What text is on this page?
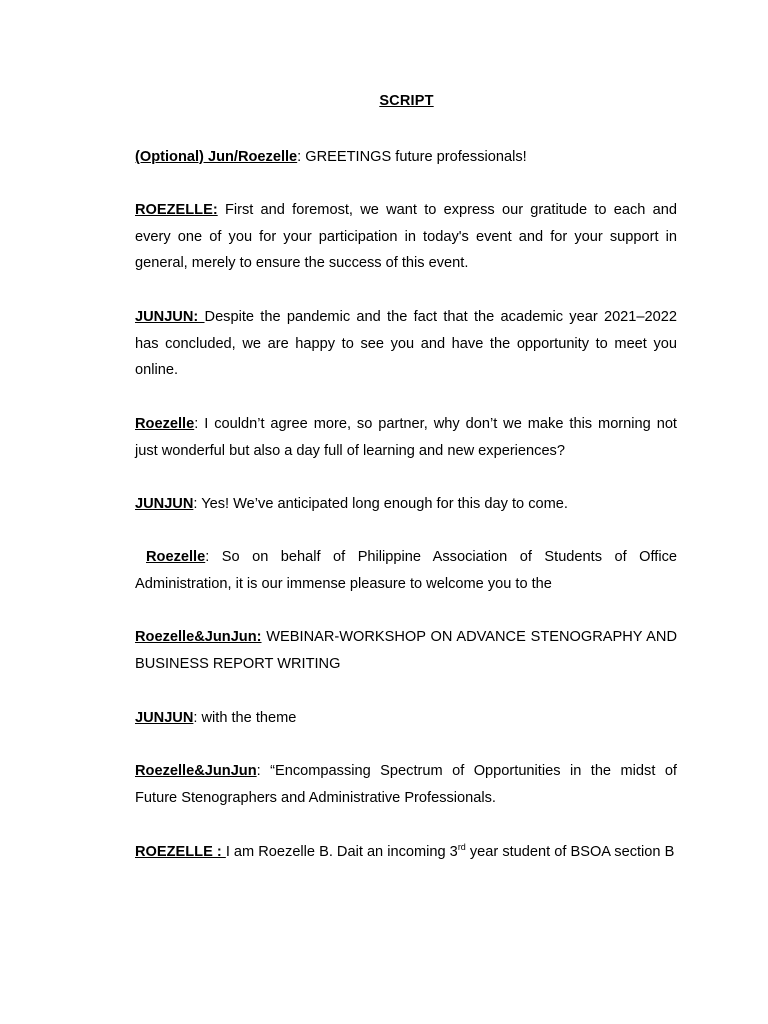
SCRIPT

(Optional) Jun/Roezelle: GREETINGS future professionals!

ROEZELLE: First and foremost, we want to express our gratitude to each and every one of you for your participation in today's event and for your support in general, merely to ensure the success of this event.

JUNJUN: Despite the pandemic and the fact that the academic year 2021–2022 has concluded, we are happy to see you and have the opportunity to meet you online.

Roezelle: I couldn’t agree more, so partner, why don’t we make this morning not just wonderful but also a day full of learning and new experiences?

JUNJUN: Yes! We’ve anticipated long enough for this day to come.

Roezelle: So on behalf of Philippine Association of Students of Office Administration, it is our immense pleasure to welcome you to the

Roezelle&JunJun: WEBINAR-WORKSHOP ON ADVANCE STENOGRAPHY AND BUSINESS REPORT WRITING

JUNJUN: with the theme

Roezelle&JunJun: “Encompassing Spectrum of Opportunities in the midst of Future Stenographers and Administrative Professionals.

ROEZELLE : I am Roezelle B. Dait an incoming 3rd year student of BSOA section B
